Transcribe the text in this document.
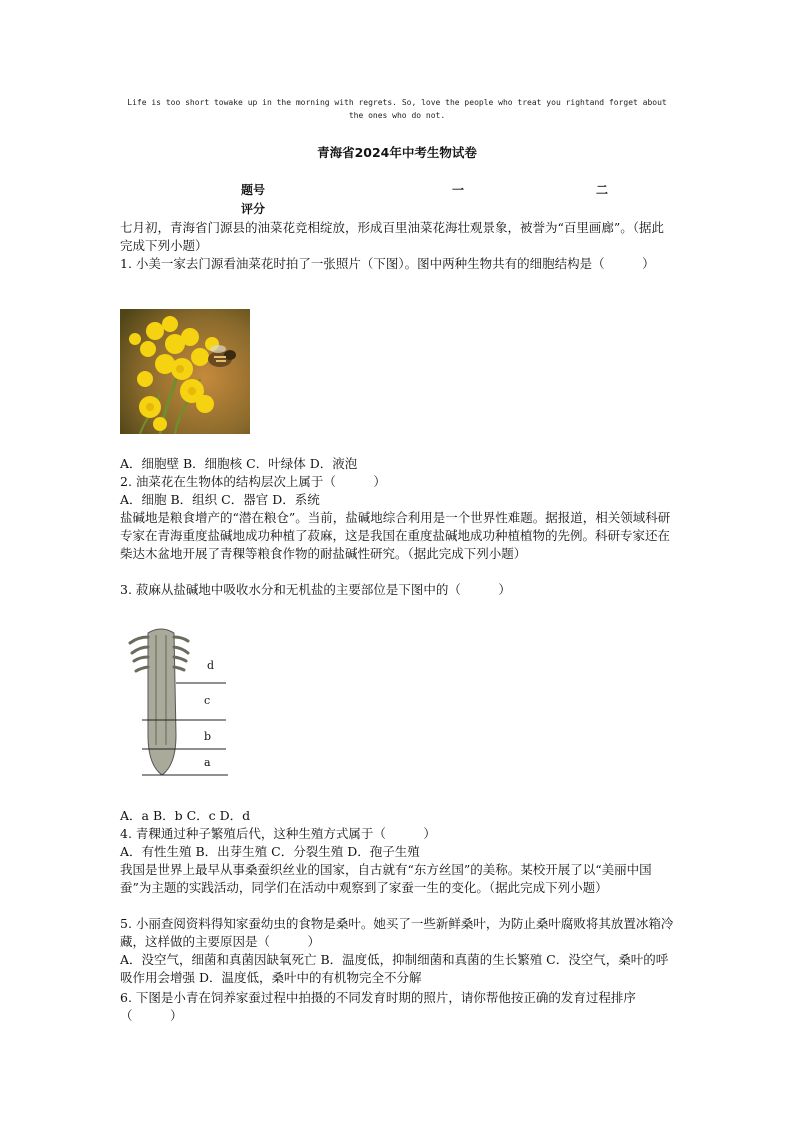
Life is too short towake up in the morning with regrets. So, love the people who treat you rightand forget about the ones who do not.
青海省2024年中考生物试卷
题号	一	二
评分
七月初，青海省门源县的油菜花竞相绽放，形成百里油菜花海壮观景象，被誉为“百里画廊”。（据此完成下列小题）
1. 小美一家去门源看油菜花时拍了一张照片（下图）。图中两种生物共有的细胞结构是（　　　）
A．细胞壁 B．细胞核 C．叶绿体 D．液泡
2. 油菜花在生物体的结构层次上属于（　　　）
A．细胞 B．组织 C．器官 D．系统
盐碱地是粮食增产的“潜在粮仓”。当前，盐碱地综合利用是一个世界性难题。据报道，相关领域科研专家在青海重度盐碱地成功种植了菽麻，这是我国在重度盐碱地成功种植植物的先例。科研专家还在柴达木盆地开展了青稞等粮食作物的耐盐碱性研究。（据此完成下列小题）
3. 菽麻从盐碱地中吸收水分和无机盐的主要部位是下图中的（　　　）
d
c
b
a
A．a B．b C．c D．d
4. 青稞通过种子繁殖后代，这种生殖方式属于（　　　）
A．有性生殖 B．出芽生殖 C．分裂生殖 D．孢子生殖
我国是世界上最早从事桑蚕织丝业的国家，自古就有“东方丝国”的美称。某校开展了以“美丽中国蚕”为主题的实践活动，同学们在活动中观察到了家蚕一生的变化。（据此完成下列小题）
5. 小丽查阅资料得知家蚕幼虫的食物是桑叶。她买了一些新鲜桑叶，为防止桑叶腐败将其放置冰箱冷藏，这样做的主要原因是（　　　）
A．没空气，细菌和真菌因缺氧死亡 B．温度低，抑制细菌和真菌的生长繁殖 C．没空气，桑叶的呼吸作用会增强 D．温度低，桑叶中的有机物完全不分解
6. 下图是小青在饲养家蚕过程中拍摄的不同发育时期的照片，请你帮他按正确的发育过程排序（　　　）
